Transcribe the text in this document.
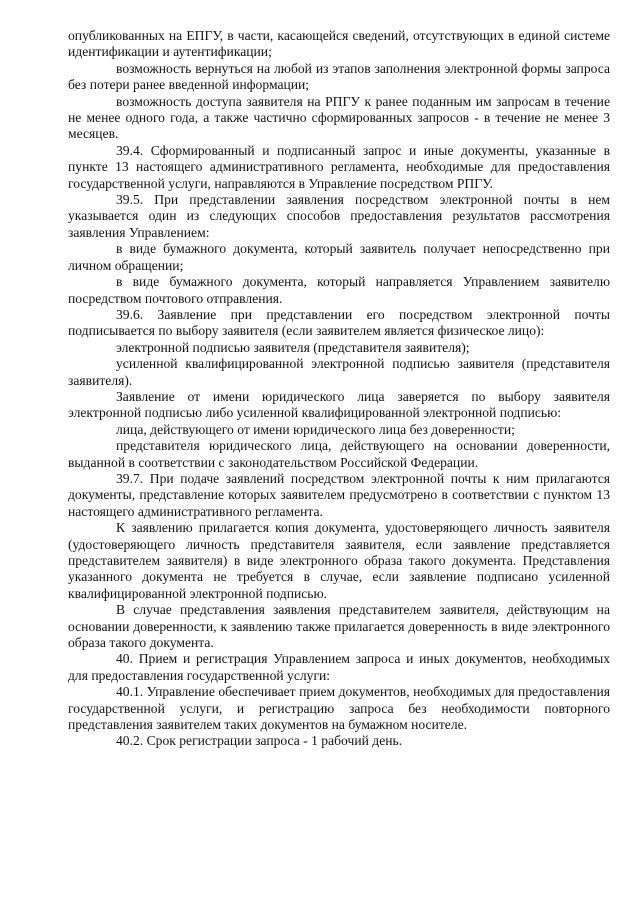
опубликованных на ЕПГУ, в части, касающейся сведений, отсутствующих в единой системе идентификации и аутентификации;

возможность вернуться на любой из этапов заполнения электронной формы запроса без потери ранее введенной информации;

возможность доступа заявителя на РПГУ к ранее поданным им запросам в течение не менее одного года, а также частично сформированных запросов - в течение не менее 3 месяцев.

39.4. Сформированный и подписанный запрос и иные документы, указанные в пункте 13 настоящего административного регламента, необходимые для предоставления государственной услуги, направляются в Управление посредством РПГУ.

39.5. При представлении заявления посредством электронной почты в нем указывается один из следующих способов предоставления результатов рассмотрения заявления Управлением:

в виде бумажного документа, который заявитель получает непосредственно при личном обращении;

в виде бумажного документа, который направляется Управлением заявителю посредством почтового отправления.

39.6. Заявление при представлении его посредством электронной почты подписывается по выбору заявителя (если заявителем является физическое лицо):

электронной подписью заявителя (представителя заявителя);

усиленной квалифицированной электронной подписью заявителя (представителя заявителя).

Заявление от имени юридического лица заверяется по выбору заявителя электронной подписью либо усиленной квалифицированной электронной подписью:

лица, действующего от имени юридического лица без доверенности;

представителя юридического лица, действующего на основании доверенности, выданной в соответствии с законодательством Российской Федерации.

39.7. При подаче заявлений посредством электронной почты к ним прилагаются документы, представление которых заявителем предусмотрено в соответствии с пунктом 13 настоящего административного регламента.

К заявлению прилагается копия документа, удостоверяющего личность заявителя (удостоверяющего личность представителя заявителя, если заявление представляется представителем заявителя) в виде электронного образа такого документа. Представления указанного документа не требуется в случае, если заявление подписано усиленной квалифицированной электронной подписью.

В случае представления заявления представителем заявителя, действующим на основании доверенности, к заявлению также прилагается доверенность в виде электронного образа такого документа.

40. Прием и регистрация Управлением запроса и иных документов, необходимых для предоставления государственной услуги:

40.1. Управление обеспечивает прием документов, необходимых для предоставления государственной услуги, и регистрацию запроса без необходимости повторного представления заявителем таких документов на бумажном носителе.

40.2. Срок регистрации запроса - 1 рабочий день.
